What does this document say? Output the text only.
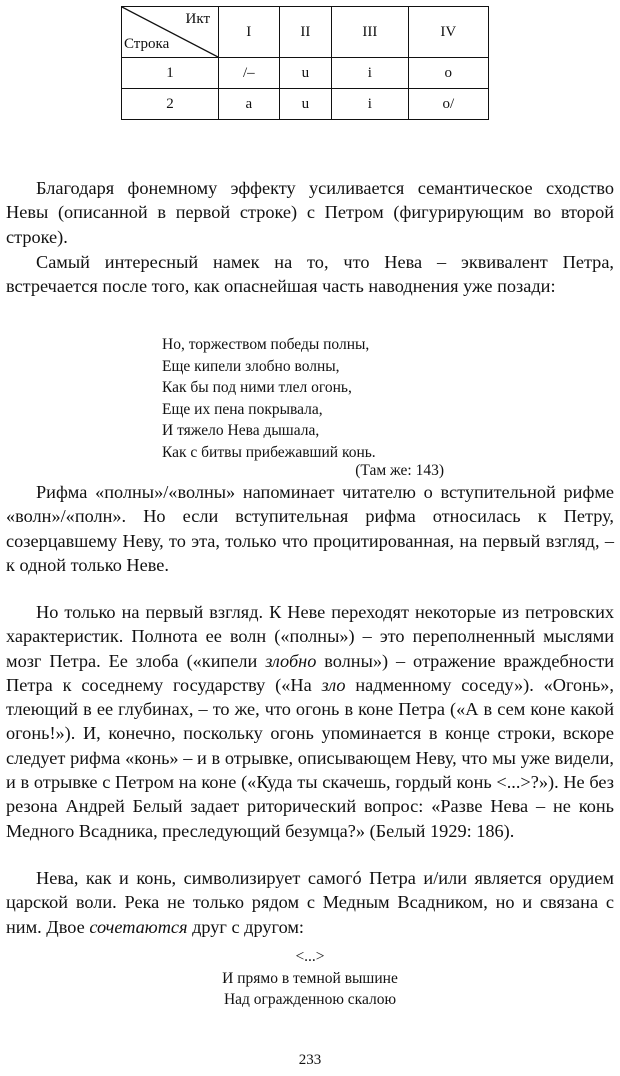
Икт
Строка	I	II	III	IV
1	/–	u	i	o
2	a	u	i	o/

Благодаря фонемному эффекту усиливается семантическое сходство Невы (описанной в первой строке) с Петром (фигурирующим во второй строке).

Самый интересный намек на то, что Нева – эквивалент Петра, встречается после того, как опаснейшая часть наводнения уже позади:

Но, торжеством победы полны,
Еще кипели злобно волны,
Как бы под ними тлел огонь,
Еще их пена покрывала,
И тяжело Нева дышала,
Как с битвы прибежавший конь.
(Там же: 143)

Рифма «полны»/«волны» напоминает читателю о вступительной рифме «волн»/«полн». Но если вступительная рифма относилась к Петру, созерцавшему Неву, то эта, только что процитированная, на первый взгляд, – к одной только Неве.

Но только на первый взгляд. К Неве переходят некоторые из петровских характеристик. Полнота ее волн («полны») – это переполненный мыслями мозг Петра. Ее злоба («кипели злобно волны») – отражение враждебности Петра к соседнему государству («На зло надменному соседу»). «Огонь», тлеющий в ее глубинах, – то же, что огонь в коне Петра («А в сем коне какой огонь!»). И, конечно, поскольку огонь упоминается в конце строки, вскоре следует рифма «конь» – и в отрывке, описывающем Неву, что мы уже видели, и в отрывке с Петром на коне («Куда ты скачешь, гордый конь <...>?»). Не без резона Андрей Белый задает риторический вопрос: «Разве Нева – не конь Медного Всадника, преследующий безумца?» (Белый 1929: 186).

Нева, как и конь, символизирует самогó Петра и/или является орудием царской воли. Река не только рядом с Медным Всадником, но и связана с ним. Двое сочетаются друг с другом:

<...>
И прямо в темной вышине
Над огражденною скалою
233
